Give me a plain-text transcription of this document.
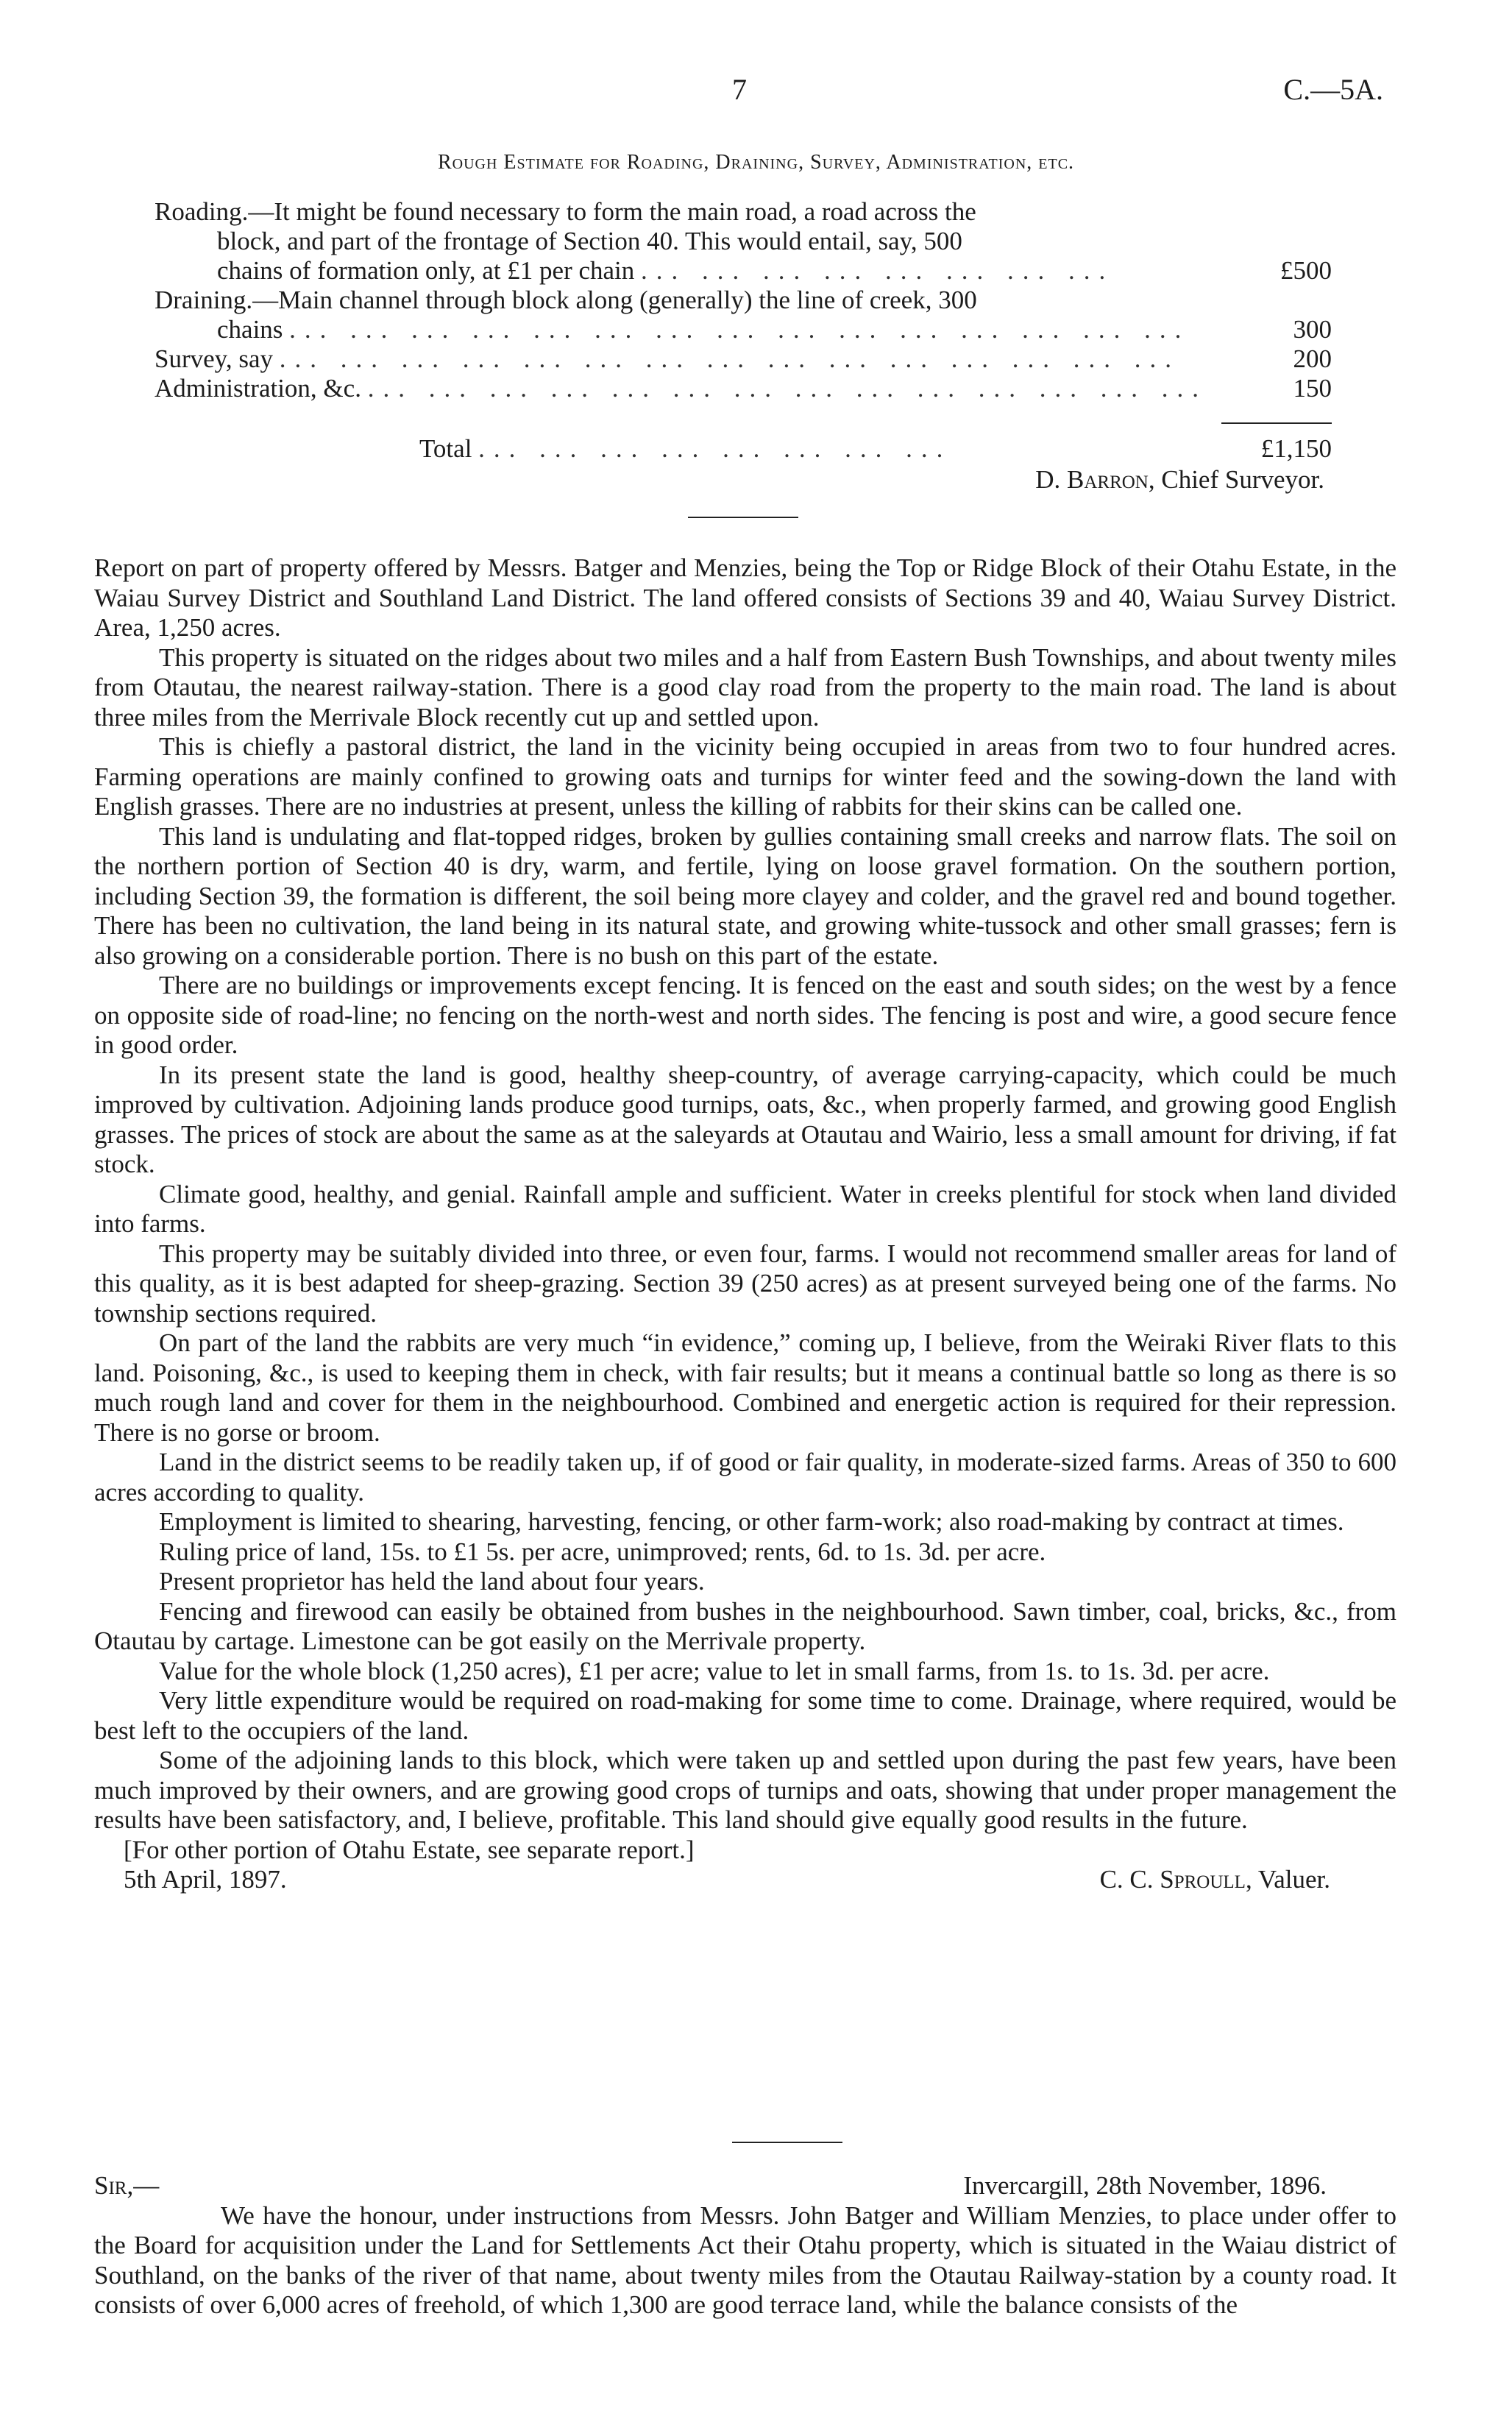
7	C.—5A.
Rough Estimate for Roading, Draining, Survey, Administration, etc.
Roading.—It might be found necessary to form the main road, a road across the
block, and part of the frontage of Section 40. This would entail, say, 500
chains of formation only, at £1 per chain ... ... ... ... ... ... ... ...	£500
Draining.—Main channel through block along (generally) the line of creek, 300
chains ... ... ... ... ... ... ... ... ... ... ... ... ... ... ...	300
Survey, say ... ... ... ... ... ... ... ... ... ... ... ... ... ... ...	200
Administration, &c. ... ... ... ... ... ... ... ... ... ... ... ... ... ...	150
Total ... ... ... ... ... ... ... ...	£1,150
D. Barron, Chief Surveyor.

Report on part of property offered by Messrs. Batger and Menzies, being the Top or Ridge Block of their Otahu Estate, in the Waiau Survey District and Southland Land District. The land offered consists of Sections 39 and 40, Waiau Survey District. Area, 1,250 acres.

This property is situated on the ridges about two miles and a half from Eastern Bush Townships, and about twenty miles from Otautau, the nearest railway-station. There is a good clay road from the property to the main road. The land is about three miles from the Merrivale Block recently cut up and settled upon.

This is chiefly a pastoral district, the land in the vicinity being occupied in areas from two to four hundred acres. Farming operations are mainly confined to growing oats and turnips for winter feed and the sowing-down the land with English grasses. There are no industries at present, unless the killing of rabbits for their skins can be called one.

This land is undulating and flat-topped ridges, broken by gullies containing small creeks and narrow flats. The soil on the northern portion of Section 40 is dry, warm, and fertile, lying on loose gravel formation. On the southern portion, including Section 39, the formation is different, the soil being more clayey and colder, and the gravel red and bound together. There has been no cultivation, the land being in its natural state, and growing white-tussock and other small grasses; fern is also growing on a considerable portion. There is no bush on this part of the estate.

There are no buildings or improvements except fencing. It is fenced on the east and south sides; on the west by a fence on opposite side of road-line; no fencing on the north-west and north sides. The fencing is post and wire, a good secure fence in good order.

In its present state the land is good, healthy sheep-country, of average carrying-capacity, which could be much improved by cultivation. Adjoining lands produce good turnips, oats, &c., when properly farmed, and growing good English grasses. The prices of stock are about the same as at the saleyards at Otautau and Wairio, less a small amount for driving, if fat stock.

Climate good, healthy, and genial. Rainfall ample and sufficient. Water in creeks plentiful for stock when land divided into farms.

This property may be suitably divided into three, or even four, farms. I would not recommend smaller areas for land of this quality, as it is best adapted for sheep-grazing. Section 39 (250 acres) as at present surveyed being one of the farms. No township sections required.

On part of the land the rabbits are very much “in evidence,” coming up, I believe, from the Weiraki River flats to this land. Poisoning, &c., is used to keeping them in check, with fair results; but it means a continual battle so long as there is so much rough land and cover for them in the neighbourhood. Combined and energetic action is required for their repression. There is no gorse or broom.

Land in the district seems to be readily taken up, if of good or fair quality, in moderate-sized farms. Areas of 350 to 600 acres according to quality.

Employment is limited to shearing, harvesting, fencing, or other farm-work; also road-making by contract at times.

Ruling price of land, 15s. to £1 5s. per acre, unimproved; rents, 6d. to 1s. 3d. per acre.

Present proprietor has held the land about four years.

Fencing and firewood can easily be obtained from bushes in the neighbourhood. Sawn timber, coal, bricks, &c., from Otautau by cartage. Limestone can be got easily on the Merrivale property.

Value for the whole block (1,250 acres), £1 per acre; value to let in small farms, from 1s. to 1s. 3d. per acre.

Very little expenditure would be required on road-making for some time to come. Drainage, where required, would be best left to the occupiers of the land.

Some of the adjoining lands to this block, which were taken up and settled upon during the past few years, have been much improved by their owners, and are growing good crops of turnips and oats, showing that under proper management the results have been satisfactory, and, I believe, profitable. This land should give equally good results in the future.

[For other portion of Otahu Estate, see separate report.]

5th April, 1897.	C. C. Sproull, Valuer.
Sir,—	Invercargill, 28th November, 1896.

We have the honour, under instructions from Messrs. John Batger and William Menzies, to place under offer to the Board for acquisition under the Land for Settlements Act their Otahu property, which is situated in the Waiau district of Southland, on the banks of the river of that name, about twenty miles from the Otautau Railway-station by a county road. It consists of over 6,000 acres of freehold, of which 1,300 are good terrace land, while the balance consists of the
